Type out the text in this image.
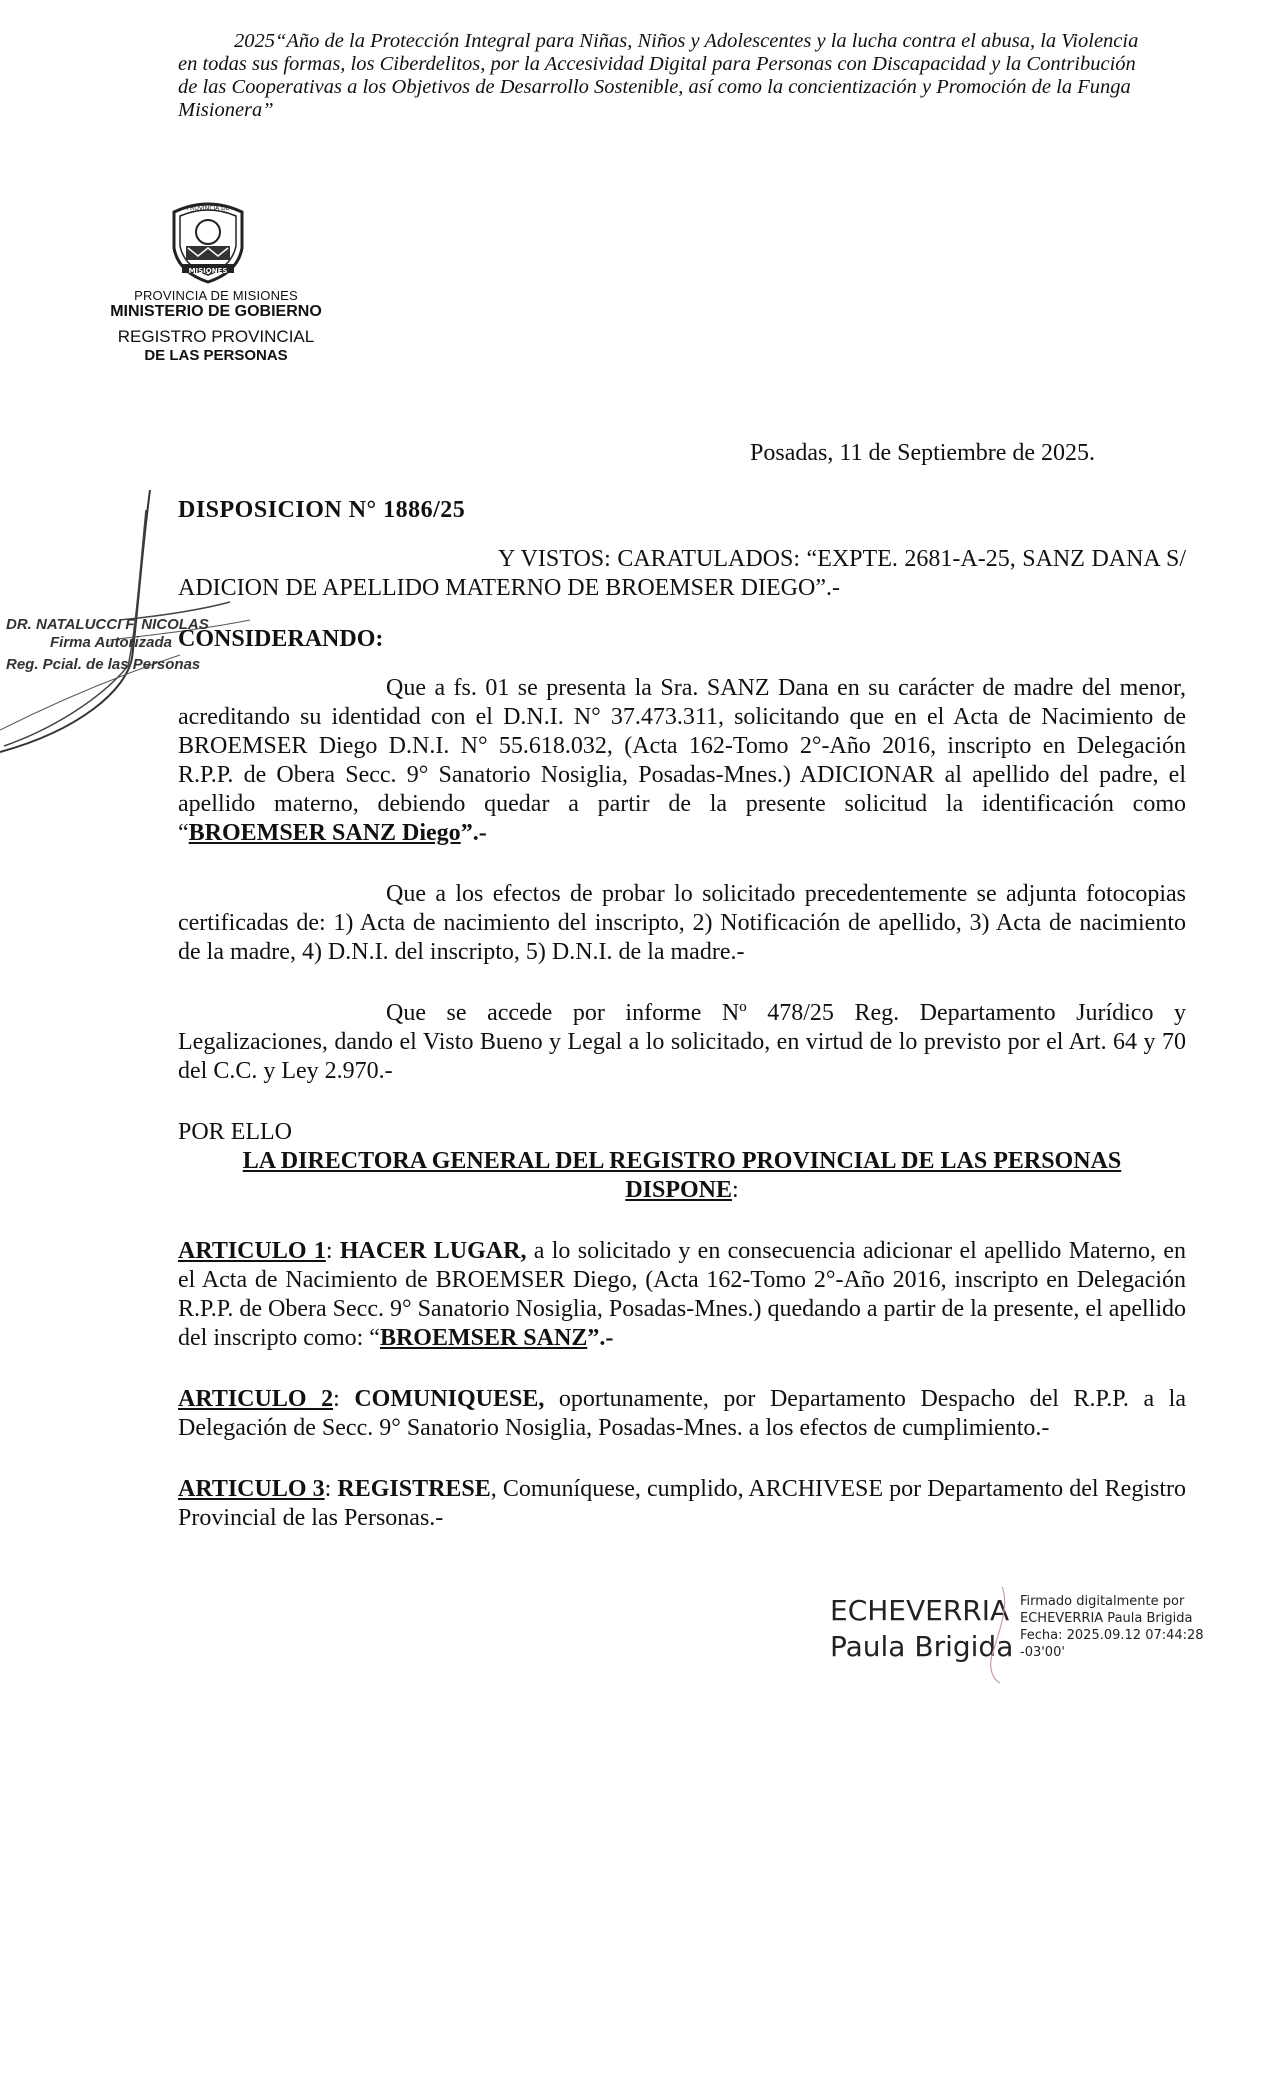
2025“Año de la Protección Integral para Niñas, Niños y Adolescentes y la lucha contra el abusa, la Violencia

en todas sus formas, los Ciberdelitos, por la Accesividad Digital para Personas con Discapacidad y la Contribución

de las Cooperativas a los Objetivos de Desarrollo Sostenible, así como la concientización y Promoción de la Funga

Misionera”

PROVINCIA DE
MISIONES
PROVINCIA DE MISIONES
MINISTERIO DE GOBIERNO
REGISTRO PROVINCIAL
DE LAS PERSONAS
Posadas, 11 de Septiembre de 2025.
DR. NATALUCCI F. NICOLAS
Firma Autorizada
Reg. Pcial. de las Personas

DISPOSICION N° 1886/25

Y VISTOS: CARATULADOS: “EXPTE. 2681-A-25, SANZ DANA S/ ADICION DE APELLIDO MATERNO DE BROEMSER DIEGO”.-

CONSIDERANDO:

Que a fs. 01 se presenta la Sra. SANZ Dana en su carácter de madre del menor, acreditando su identidad con el D.N.I. N° 37.473.311, solicitando que en el Acta de Nacimiento de BROEMSER Diego D.N.I. N° 55.618.032, (Acta 162-Tomo 2°-Año 2016, inscripto en Delegación R.P.P. de Obera Secc. 9° Sanatorio Nosiglia, Posadas-Mnes.) ADICIONAR al apellido del padre, el apellido materno, debiendo quedar a partir de la presente solicitud la identificación como “BROEMSER SANZ Diego”.-

Que a los efectos de probar lo solicitado precedentemente se adjunta fotocopias certificadas de: 1) Acta de nacimiento del inscripto, 2) Notificación de apellido, 3) Acta de nacimiento de la madre, 4) D.N.I. del inscripto, 5) D.N.I. de la madre.-

Que se accede por informe Nº 478/25 Reg. Departamento Jurídico y Legalizaciones, dando el Visto Bueno y Legal a lo solicitado, en virtud de lo previsto por el Art. 64 y 70 del C.C. y Ley 2.970.-

POR ELLO

LA DIRECTORA GENERAL DEL REGISTRO PROVINCIAL DE LAS PERSONAS

DISPONE:

ARTICULO 1: HACER LUGAR, a lo solicitado y en consecuencia adicionar el apellido Materno, en el Acta de Nacimiento de BROEMSER Diego, (Acta 162-Tomo 2°-Año 2016, inscripto en Delegación R.P.P. de Obera Secc. 9° Sanatorio Nosiglia, Posadas-Mnes.) quedando a partir de la presente, el apellido del inscripto como: “BROEMSER SANZ”.-

ARTICULO 2: COMUNIQUESE, oportunamente, por Departamento Despacho del R.P.P. a la Delegación de Secc. 9° Sanatorio Nosiglia, Posadas-Mnes. a los efectos de cumplimiento.-

ARTICULO 3: REGISTRESE, Comuníquese, cumplido, ARCHIVESE por Departamento del Registro Provincial de las Personas.-

ECHEVERRIA
Paula Brigida
Firmado digitalmente por
ECHEVERRIA Paula Brigida
Fecha: 2025.09.12 07:44:28
-03'00'
